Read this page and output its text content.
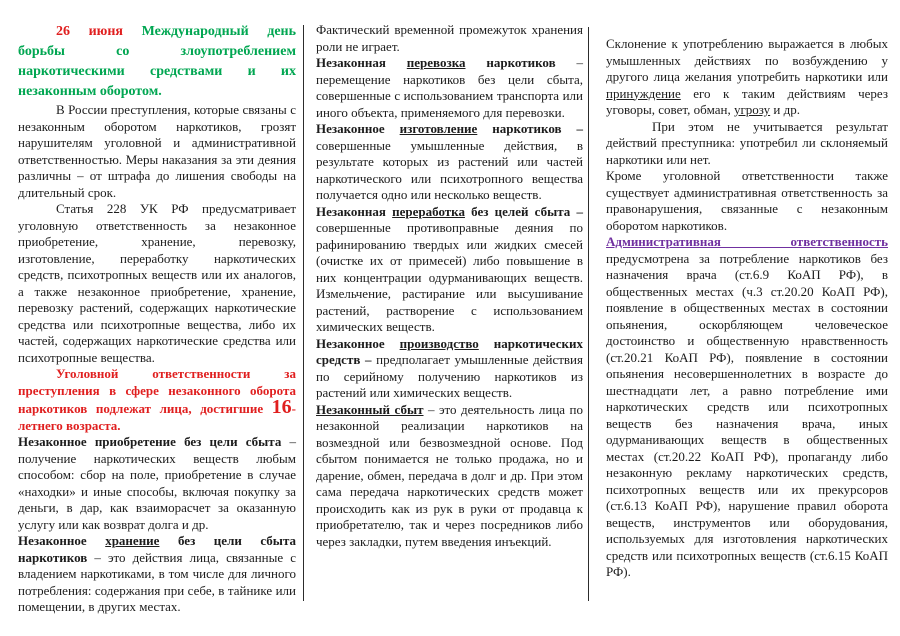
26 июня Международный день борьбы со злоупотреблением наркотическими средствами и их незаконным оборотом.

В России преступления, которые связаны с незаконным оборотом наркотиков, грозят нарушителям уголовной и административной ответственностью. Меры наказания за эти деяния различны – от штрафа до лишения свободы на длительный срок.

Статья 228 УК РФ предусматривает уголовную ответственность за незаконное приобретение, хранение, перевозку, изготовление, переработку наркотических средств, психотропных веществ или их аналогов, а также незаконное приобретение, хранение, перевозку растений, содержащих наркотические средства или психотропные вещества, либо их частей, содержащих наркотические средства или психотропные вещества.

Уголовной ответственности за преступления в сфере незаконного оборота наркотиков подлежат лица, достигшие 16-летнего возраста.

Незаконное приобретение без цели сбыта – получение наркотических веществ любым способом: сбор на поле, приобретение в случае «находки» и иные способы, включая покупку за деньги, в дар, как взаиморасчет за оказанную услугу или как возврат долга и др.

Незаконное хранение без цели сбыта наркотиков – это действия лица, связанные с владением наркотиками, в том числе для личного потребления: содержания при себе, в тайнике или помещении, в других местах.

Фактический временной промежуток хранения роли не играет.

Незаконная перевозка наркотиков – перемещение наркотиков без цели сбыта, совершенные с использованием транспорта или иного объекта, применяемого для перевозки.

Незаконное изготовление наркотиков – совершенные умышленные действия, в результате которых из растений или частей наркотического или психотропного вещества получается одно или несколько веществ.

Незаконная переработка без целей сбыта – совершенные противоправные деяния по рафинированию твердых или жидких смесей (очистке их от примесей) либо повышение в них концентрации одурманивающих веществ. Измельчение, растирание или высушивание растений, растворение с использованием химических веществ.

Незаконное производство наркотических средств – предполагает умышленные действия по серийному получению наркотиков из растений или химических веществ.

Незаконный сбыт – это деятельность лица по незаконной реализации наркотиков на возмездной или безвозмездной основе. Под сбытом понимается не только продажа, но и дарение, обмен, передача в долг и др. При этом сама передача наркотических средств может происходить как из рук в руки от продавца к приобретателю, так и через посредников либо через закладки, путем введения инъекций.

Склонение к употреблению выражается в любых умышленных действиях по возбуждению у другого лица желания употребить наркотики или принуждение его к таким действиям через уговоры, совет, обман, угрозу и др.

При этом не учитывается результат действий преступника: употребил ли склоняемый наркотики или нет.

Кроме уголовной ответственности также существует административная ответственность за правонарушения, связанные с незаконным оборотом наркотиков.

Административная ответственность предусмотрена за потребление наркотиков без назначения врача (ст.6.9 КоАП РФ), в общественных местах (ч.3 ст.20.20 КоАП РФ), появление в общественных местах в состоянии опьянения, оскорбляющем человеческое достоинство и общественную нравственность (ст.20.21 КоАП РФ), появление в состоянии опьянения несовершеннолетних в возрасте до шестнадцати лет, а равно потребление ими наркотических средств или психотропных веществ без назначения врача, иных одурманивающих веществ в общественных местах (ст.20.22 КоАП РФ), пропаганду либо незаконную рекламу наркотических средств, психотропных веществ или их прекурсоров (ст.6.13 КоАП РФ), нарушение правил оборота веществ, инструментов или оборудования, используемых для изготовления наркотических средств или психотропных веществ (ст.6.15 КоАП РФ).
